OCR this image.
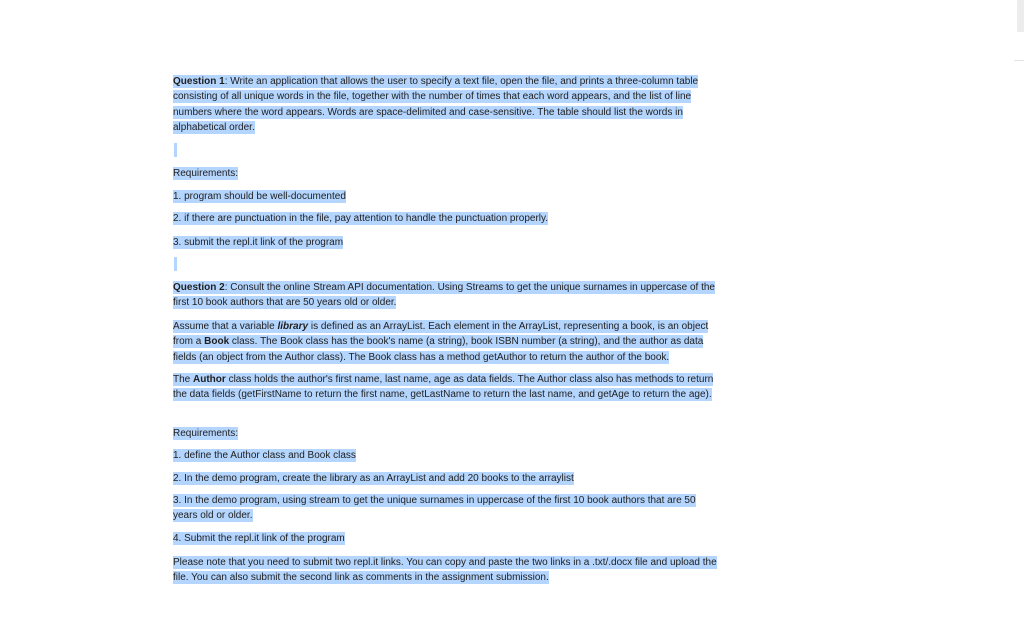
Question 1: Write an application that allows the user to specify a text file, open the file, and prints a three-column table consisting of all unique words in the file, together with the number of times that each word appears, and the list of line numbers where the word appears. Words are space-delimited and case-sensitive. The table should list the words in alphabetical order.

Requirements:

1. program should be well-documented

2. if there are punctuation in the file, pay attention to handle the punctuation properly.

3. submit the repl.it link of the program

Question 2: Consult the online Stream API documentation. Using Streams to get the unique surnames in uppercase of the first 10 book authors that are 50 years old or older.

Assume that a variable library is defined as an ArrayList. Each element in the ArrayList, representing a book, is an object from a Book class. The Book class has the book's name (a string), book ISBN number (a string), and the author as data fields (an object from the Author class). The Book class has a method getAuthor to return the author of the book.

The Author class holds the author's first name, last name, age as data fields. The Author class also has methods to return the data fields (getFirstName to return the first name, getLastName to return the last name, and getAge to return the age).

Requirements:

1. define the Author class and Book class

2. In the demo program, create the library as an ArrayList and add 20 books to the arraylist

3. In the demo program, using stream to get the unique surnames in uppercase of the first 10 book authors that are 50 years old or older.

4. Submit the repl.it link of the program

Please note that you need to submit two repl.it links. You can copy and paste the two links in a .txt/.docx file and upload the file. You can also submit the second link as comments in the assignment submission.
